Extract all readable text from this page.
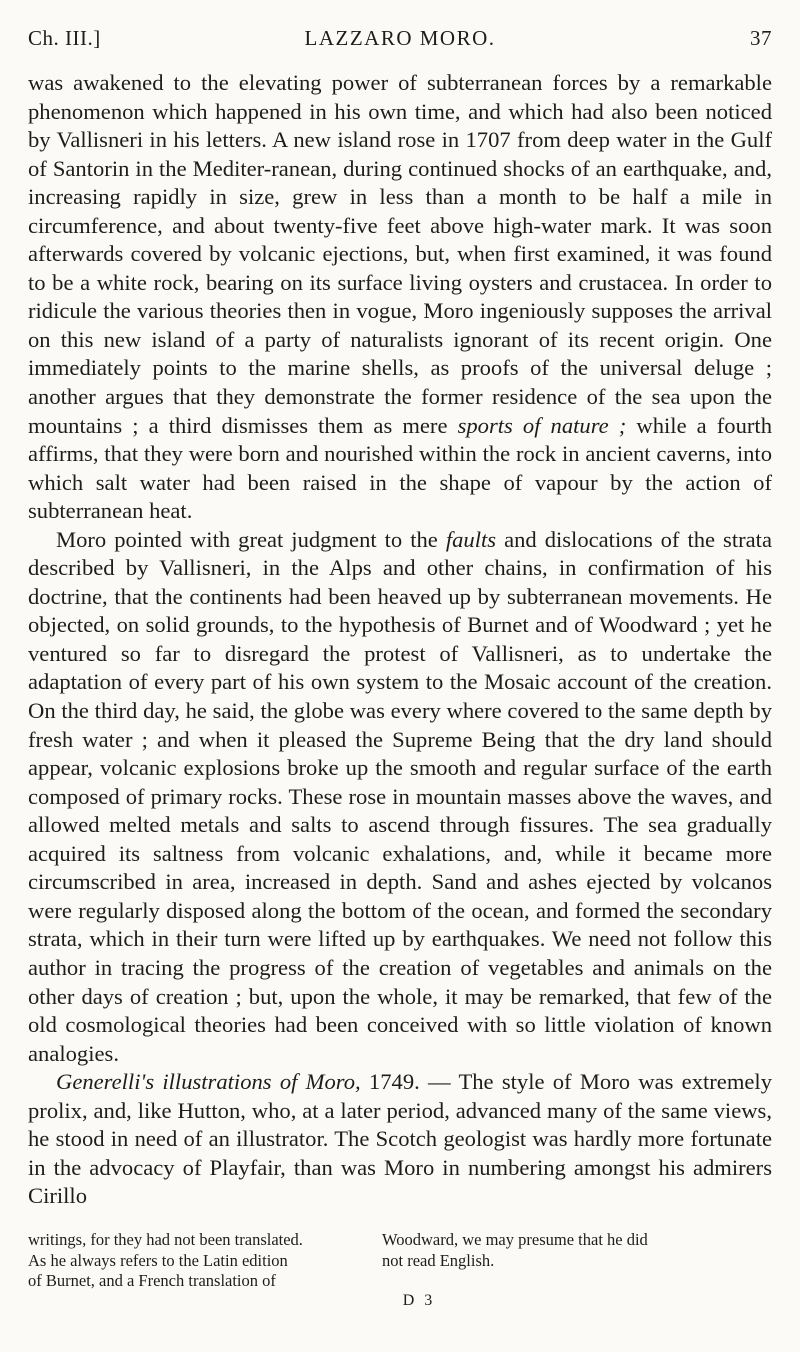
Ch. III.]	LAZZARO MORO.	37

was awakened to the elevating power of subterranean forces by a remarkable phenomenon which happened in his own time, and which had also been noticed by Vallisneri in his letters. A new island rose in 1707 from deep water in the Gulf of Santorin in the Mediter-ranean, during continued shocks of an earthquake, and, increasing rapidly in size, grew in less than a month to be half a mile in circumference, and about twenty-five feet above high-water mark. It was soon afterwards covered by volcanic ejections, but, when first examined, it was found to be a white rock, bearing on its surface living oysters and crustacea. In order to ridicule the various theories then in vogue, Moro ingeniously supposes the arrival on this new island of a party of naturalists ignorant of its recent origin. One immediately points to the marine shells, as proofs of the universal deluge ; another argues that they demonstrate the former residence of the sea upon the mountains ; a third dismisses them as mere sports of nature ; while a fourth affirms, that they were born and nourished within the rock in ancient caverns, into which salt water had been raised in the shape of vapour by the action of subterranean heat.

Moro pointed with great judgment to the faults and dislocations of the strata described by Vallisneri, in the Alps and other chains, in confirmation of his doctrine, that the continents had been heaved up by subterranean movements. He objected, on solid grounds, to the hypothesis of Burnet and of Woodward ; yet he ventured so far to disregard the protest of Vallisneri, as to undertake the adaptation of every part of his own system to the Mosaic account of the creation. On the third day, he said, the globe was every where covered to the same depth by fresh water ; and when it pleased the Supreme Being that the dry land should appear, volcanic explosions broke up the smooth and regular surface of the earth composed of primary rocks. These rose in mountain masses above the waves, and allowed melted metals and salts to ascend through fissures. The sea gradually acquired its saltness from volcanic exhalations, and, while it became more circumscribed in area, increased in depth. Sand and ashes ejected by volcanos were regularly disposed along the bottom of the ocean, and formed the secondary strata, which in their turn were lifted up by earthquakes. We need not follow this author in tracing the progress of the creation of vegetables and animals on the other days of creation ; but, upon the whole, it may be remarked, that few of the old cosmological theories had been conceived with so little violation of known analogies.

Generelli's illustrations of Moro, 1749. — The style of Moro was extremely prolix, and, like Hutton, who, at a later period, advanced many of the same views, he stood in need of an illustrator. The Scotch geologist was hardly more fortunate in the advocacy of Playfair, than was Moro in numbering amongst his admirers Cirillo

writings, for they had not been translated.
As he always refers to the Latin edition
of Burnet, and a French translation of
Woodward, we may presume that he did
not read English.
D 3
